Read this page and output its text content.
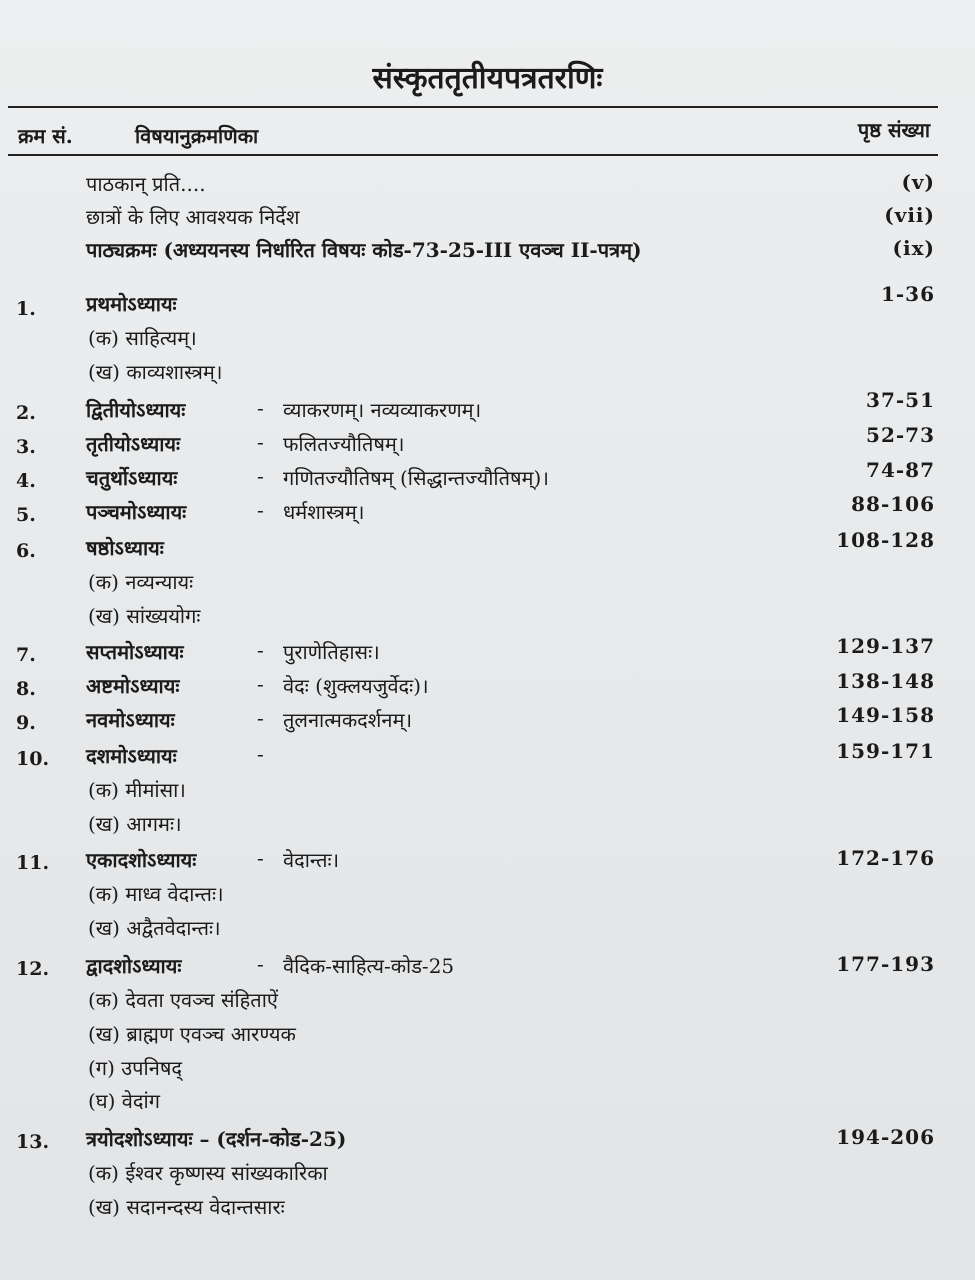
संस्कृततृतीयपत्रतरणिः
क्रम सं.	विषयानुक्रमणिका	पृष्ठ संख्या
पाठकान् प्रति....	(v)
छात्रों के लिए आवश्यक निर्देश	(vii)
पाठ्यक्रमः (अध्ययनस्य निर्धारित विषयः कोड-73-25-III एवञ्च II-पत्रम्)	(ix)
1.	प्रथमोऽध्यायः	1-36
(क) साहित्यम्।
(ख) काव्यशास्त्रम्।
2.	द्वितीयोऽध्यायः	- व्याकरणम्। नव्यव्याकरणम्।	37-51
3.	तृतीयोऽध्यायः	- फलितज्यौतिषम्।	52-73
4.	चतुर्थोऽध्यायः	- गणितज्यौतिषम् (सिद्धान्तज्यौतिषम्)।	74-87
5.	पञ्चमोऽध्यायः	- धर्मशास्त्रम्।	88-106
6.	षष्ठोऽध्यायः	108-128
(क) नव्यन्यायः
(ख) सांख्ययोगः
7.	सप्तमोऽध्यायः	- पुराणेतिहासः।	129-137
8.	अष्टमोऽध्यायः	- वेदः (शुक्लयजुर्वेदः)।	138-148
9.	नवमोऽध्यायः	- तुलनात्मकदर्शनम्।	149-158
10. दशमोऽध्यायः	-	159-171
(क) मीमांसा।
(ख) आगमः।
11. एकादशोऽध्यायः	- वेदान्तः।	172-176
(क) माध्व वेदान्तः।
(ख) अद्वैतवेदान्तः।
12. द्वादशोऽध्यायः	- वैदिक-साहित्य-कोड-25	177-193
(क) देवता एवञ्च संहिताऐं
(ख) ब्राह्मण एवञ्च आरण्यक
(ग) उपनिषद्
(घ) वेदांग
13. त्रयोदशोऽध्यायः – (दर्शन-कोड-25)	194-206
(क) ईश्वर कृष्णस्य सांख्यकारिका
(ख) सदानन्दस्य वेदान्तसारः
